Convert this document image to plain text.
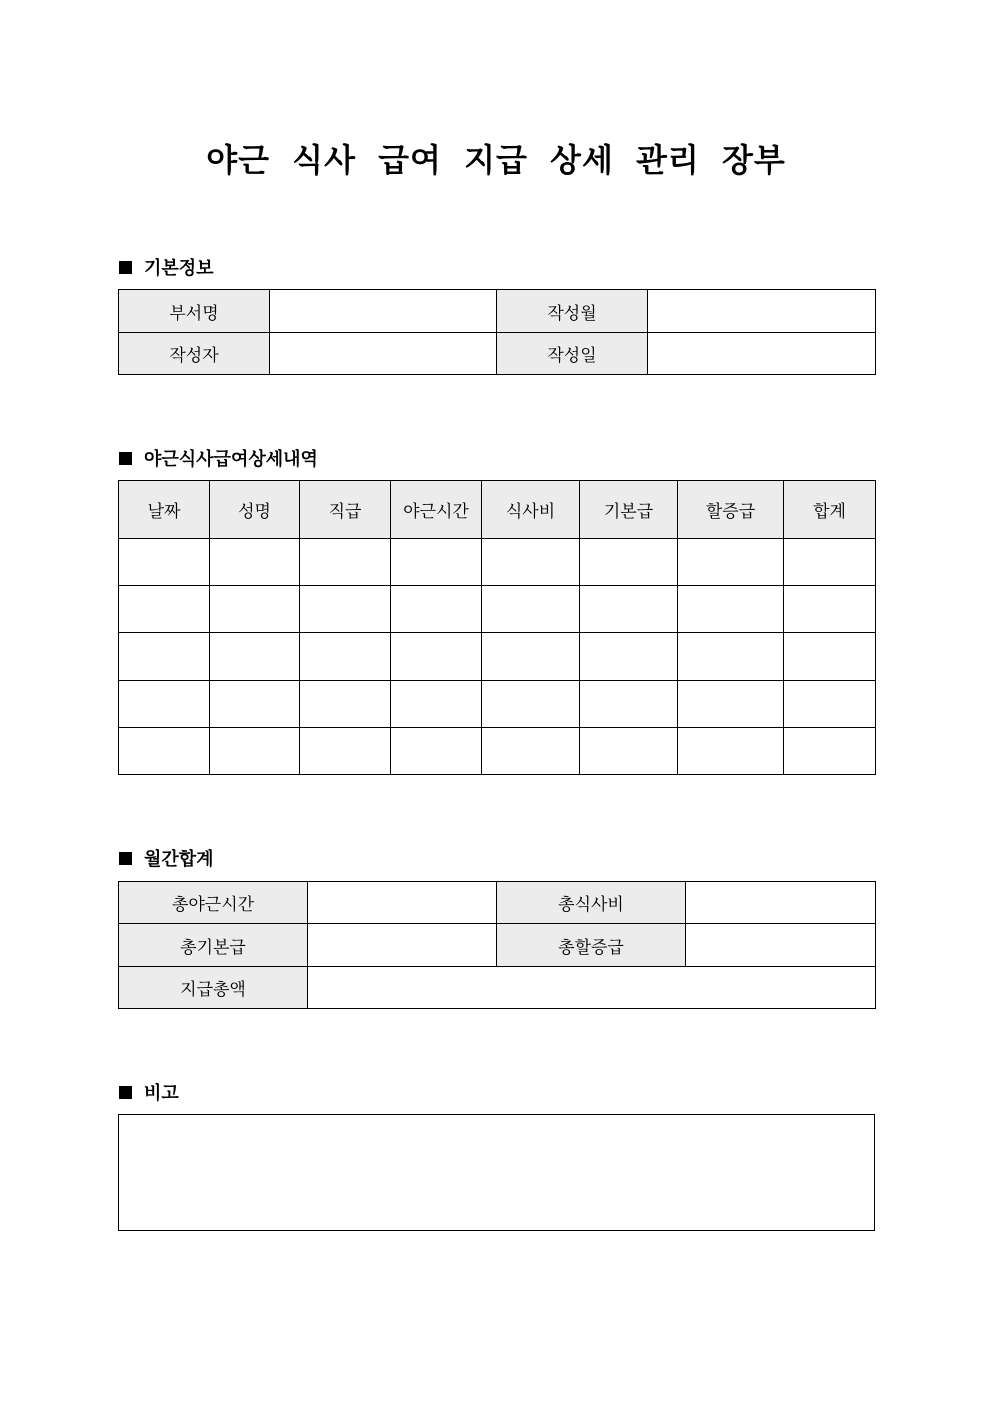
야근 식사 급여 지급 상세 관리 장부
기본정보
부서명		작성월	
작성자		작성일	
야근식사급여상세내역
날짜	성명	직급	야근시간	식사비	기본급	할증급	합계

월간합계
총야근시간		총식사비	
총기본급		총할증급	
지급총액			
비고
